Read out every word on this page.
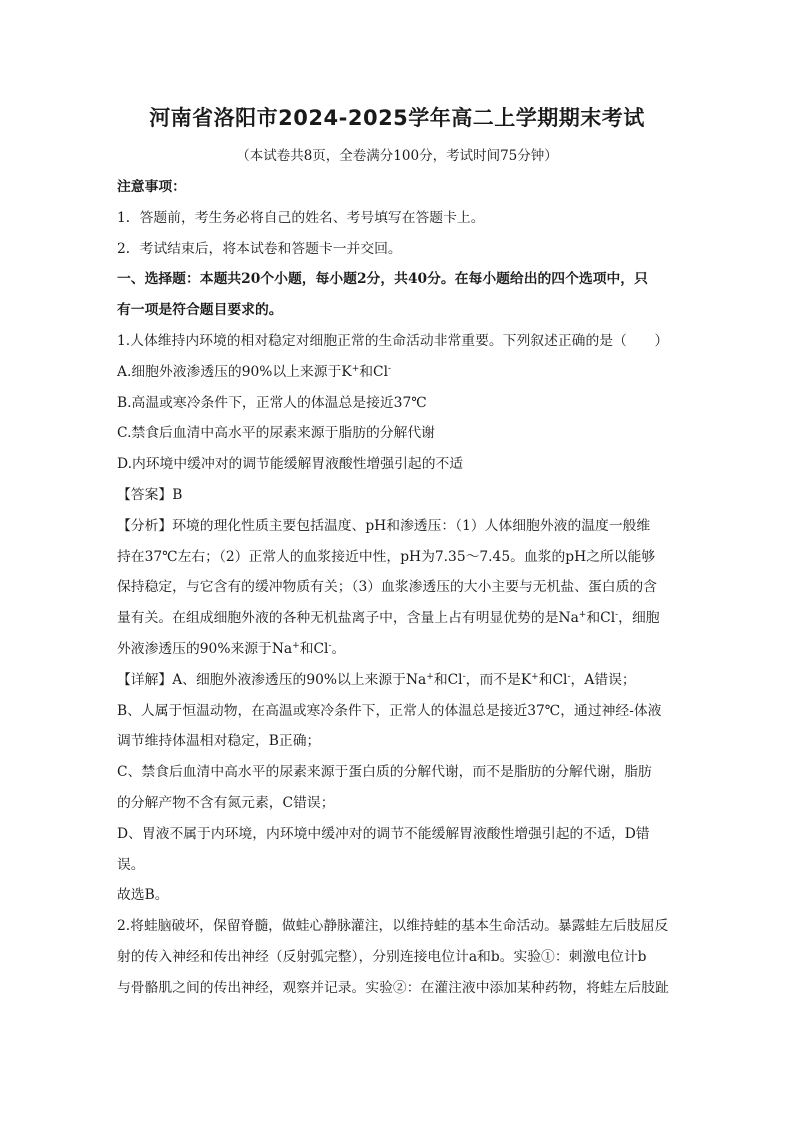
河南省洛阳市2024-2025学年高二上学期期末考试
（本试卷共8页，全卷满分100分，考试时间75分钟）

注意事项：

1．答题前，考生务必将自己的姓名、考号填写在答题卡上。

2．考试结束后，将本试卷和答题卡一并交回。

一、选择题：本题共20个小题，每小题2分，共40分。在每小题给出的四个选项中，只

有一项是符合题目要求的。

1.人体维持内环境的相对稳定对细胞正常的生命活动非常重要。下列叙述正确的是（　　）

A.细胞外液渗透压的90%以上来源于K+和Cl-

B.高温或寒冷条件下，正常人的体温总是接近37℃

C.禁食后血清中高水平的尿素来源于脂肪的分解代谢

D.内环境中缓冲对的调节能缓解胃液酸性增强引起的不适

【答案】B

【分析】环境的理化性质主要包括温度、pH和渗透压：（1）人体细胞外液的温度一般维

持在37℃左右；（2）正常人的血浆接近中性，pH为7.35～7.45。血浆的pH之所以能够

保持稳定，与它含有的缓冲物质有关；（3）血浆渗透压的大小主要与无机盐、蛋白质的含

量有关。在组成细胞外液的各种无机盐离子中，含量上占有明显优势的是Na+和Cl-，细胞

外液渗透压的90%来源于Na+和Cl-。

【详解】A、细胞外液渗透压的90%以上来源于Na+和Cl-，而不是K+和Cl-，A错误；

B、人属于恒温动物，在高温或寒冷条件下，正常人的体温总是接近37℃，通过神经-体液

调节维持体温相对稳定，B正确；

C、禁食后血清中高水平的尿素来源于蛋白质的分解代谢，而不是脂肪的分解代谢，脂肪

的分解产物不含有氮元素，C错误；

D、胃液不属于内环境，内环境中缓冲对的调节不能缓解胃液酸性增强引起的不适，D错

误。

故选B。

2.将蛙脑破坏，保留脊髓，做蛙心静脉灌注，以维持蛙的基本生命活动。暴露蛙左后肢屈反

射的传入神经和传出神经（反射弧完整），分别连接电位计a和b。实验①：刺激电位计b

与骨骼肌之间的传出神经，观察并记录。实验②：在灌注液中添加某种药物，将蛙左后肢趾
